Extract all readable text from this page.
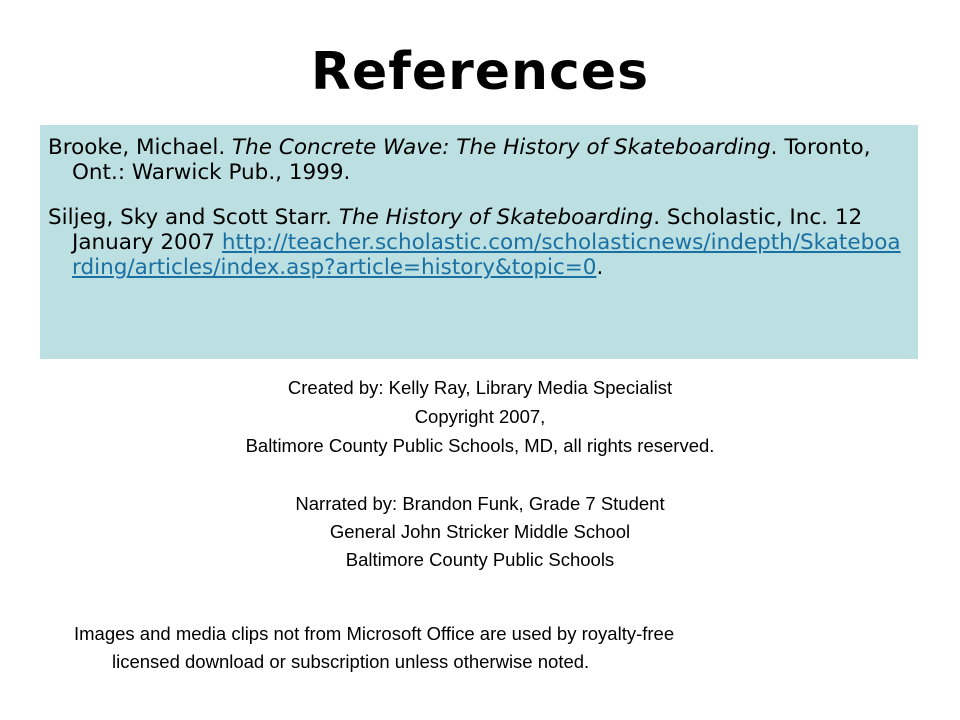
References

Brooke, Michael. The Concrete Wave: The History of Skateboarding. Toronto, Ont.: Warwick Pub., 1999.

Siljeg, Sky and Scott Starr. The History of Skateboarding. Scholastic, Inc. 12 January 2007 http://teacher.scholastic.com/scholasticnews/indepth/Skateboarding/articles/index.asp?article=history&topic=0.

Created by: Kelly Ray, Library Media Specialist
Copyright 2007,
Baltimore County Public Schools, MD, all rights reserved.
Narrated by: Brandon Funk, Grade 7 Student
General John Stricker Middle School
Baltimore County Public Schools
Images and media clips not from Microsoft Office are used by royalty-free
licensed download or subscription unless otherwise noted.
